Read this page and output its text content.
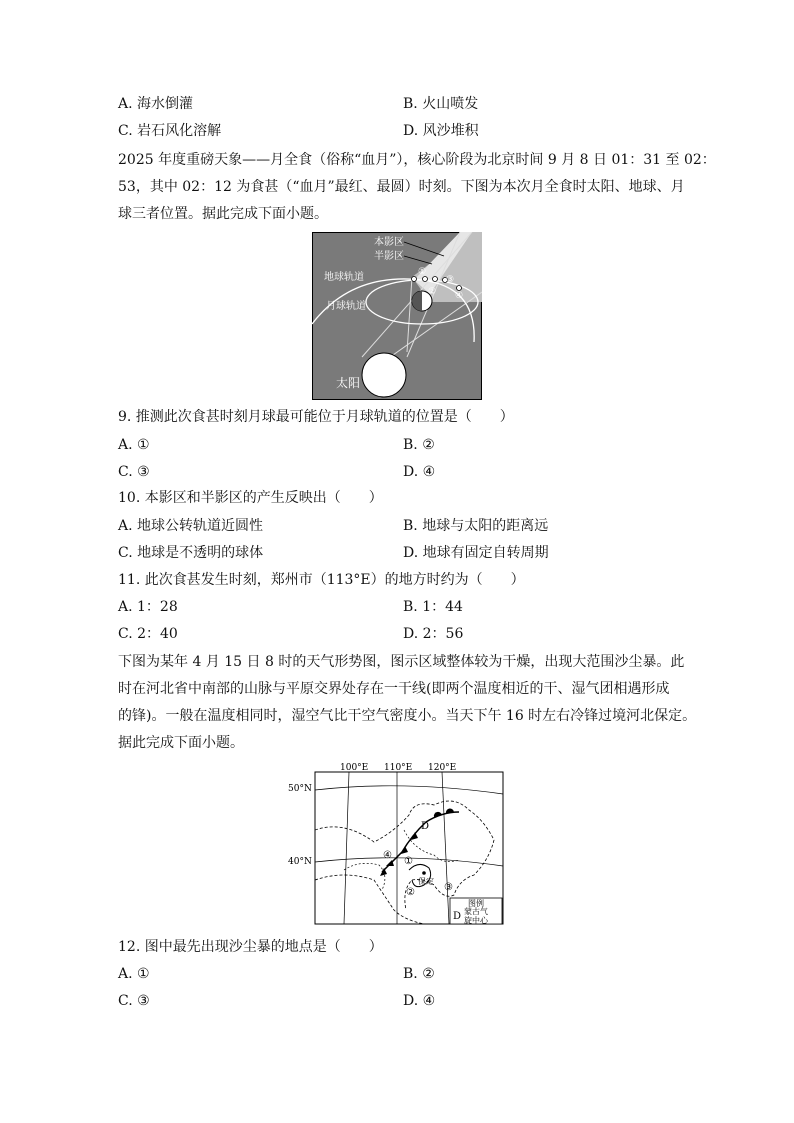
A. 海水倒灌	B. 火山喷发
C. 岩石风化溶解	D. 风沙堆积
2025 年度重磅天象——月全食（俗称“血月”），核心阶段为北京时间 9 月 8 日 01：31 至 02：
53，其中 02：12 为食甚（“血月”最红、最圆）时刻。下图为本次月全食时太阳、地球、月
球三者位置。据此完成下面小题。
本影区
半影区
地球轨道
月球轨道
太阳
①
②
③
④
9. 推测此次食甚时刻月球最可能位于月球轨道的位置是（　　）
A. ①	B. ②
C. ③	D. ④
10. 本影区和半影区的产生反映出（　　）
A. 地球公转轨道近圆性	B. 地球与太阳的距离远
C. 地球是不透明的球体	D. 地球有固定自转周期
11. 此次食甚发生时刻，郑州市（113°E）的地方时约为（　　）
A. 1：28	B. 1：44
C. 2：40	D. 2：56
下图为某年 4 月 15 日 8 时的天气形势图，图示区域整体较为干燥，出现大范围沙尘暴。此
时在河北省中南部的山脉与平原交界处存在一干线(即两个温度相近的干、湿气团相遇形成
的锋)。一般在温度相同时，湿空气比干空气密度小。当天下午 16 时左右冷锋过境河北保定。
据此完成下面小题。
100°E 110°E 120°E
50°N
40°N
D
①
②	③
④
保定
图例
D 蒙古气
旋中心
12. 图中最先出现沙尘暴的地点是（　　）
A. ①	B. ②
C. ③	D. ④
